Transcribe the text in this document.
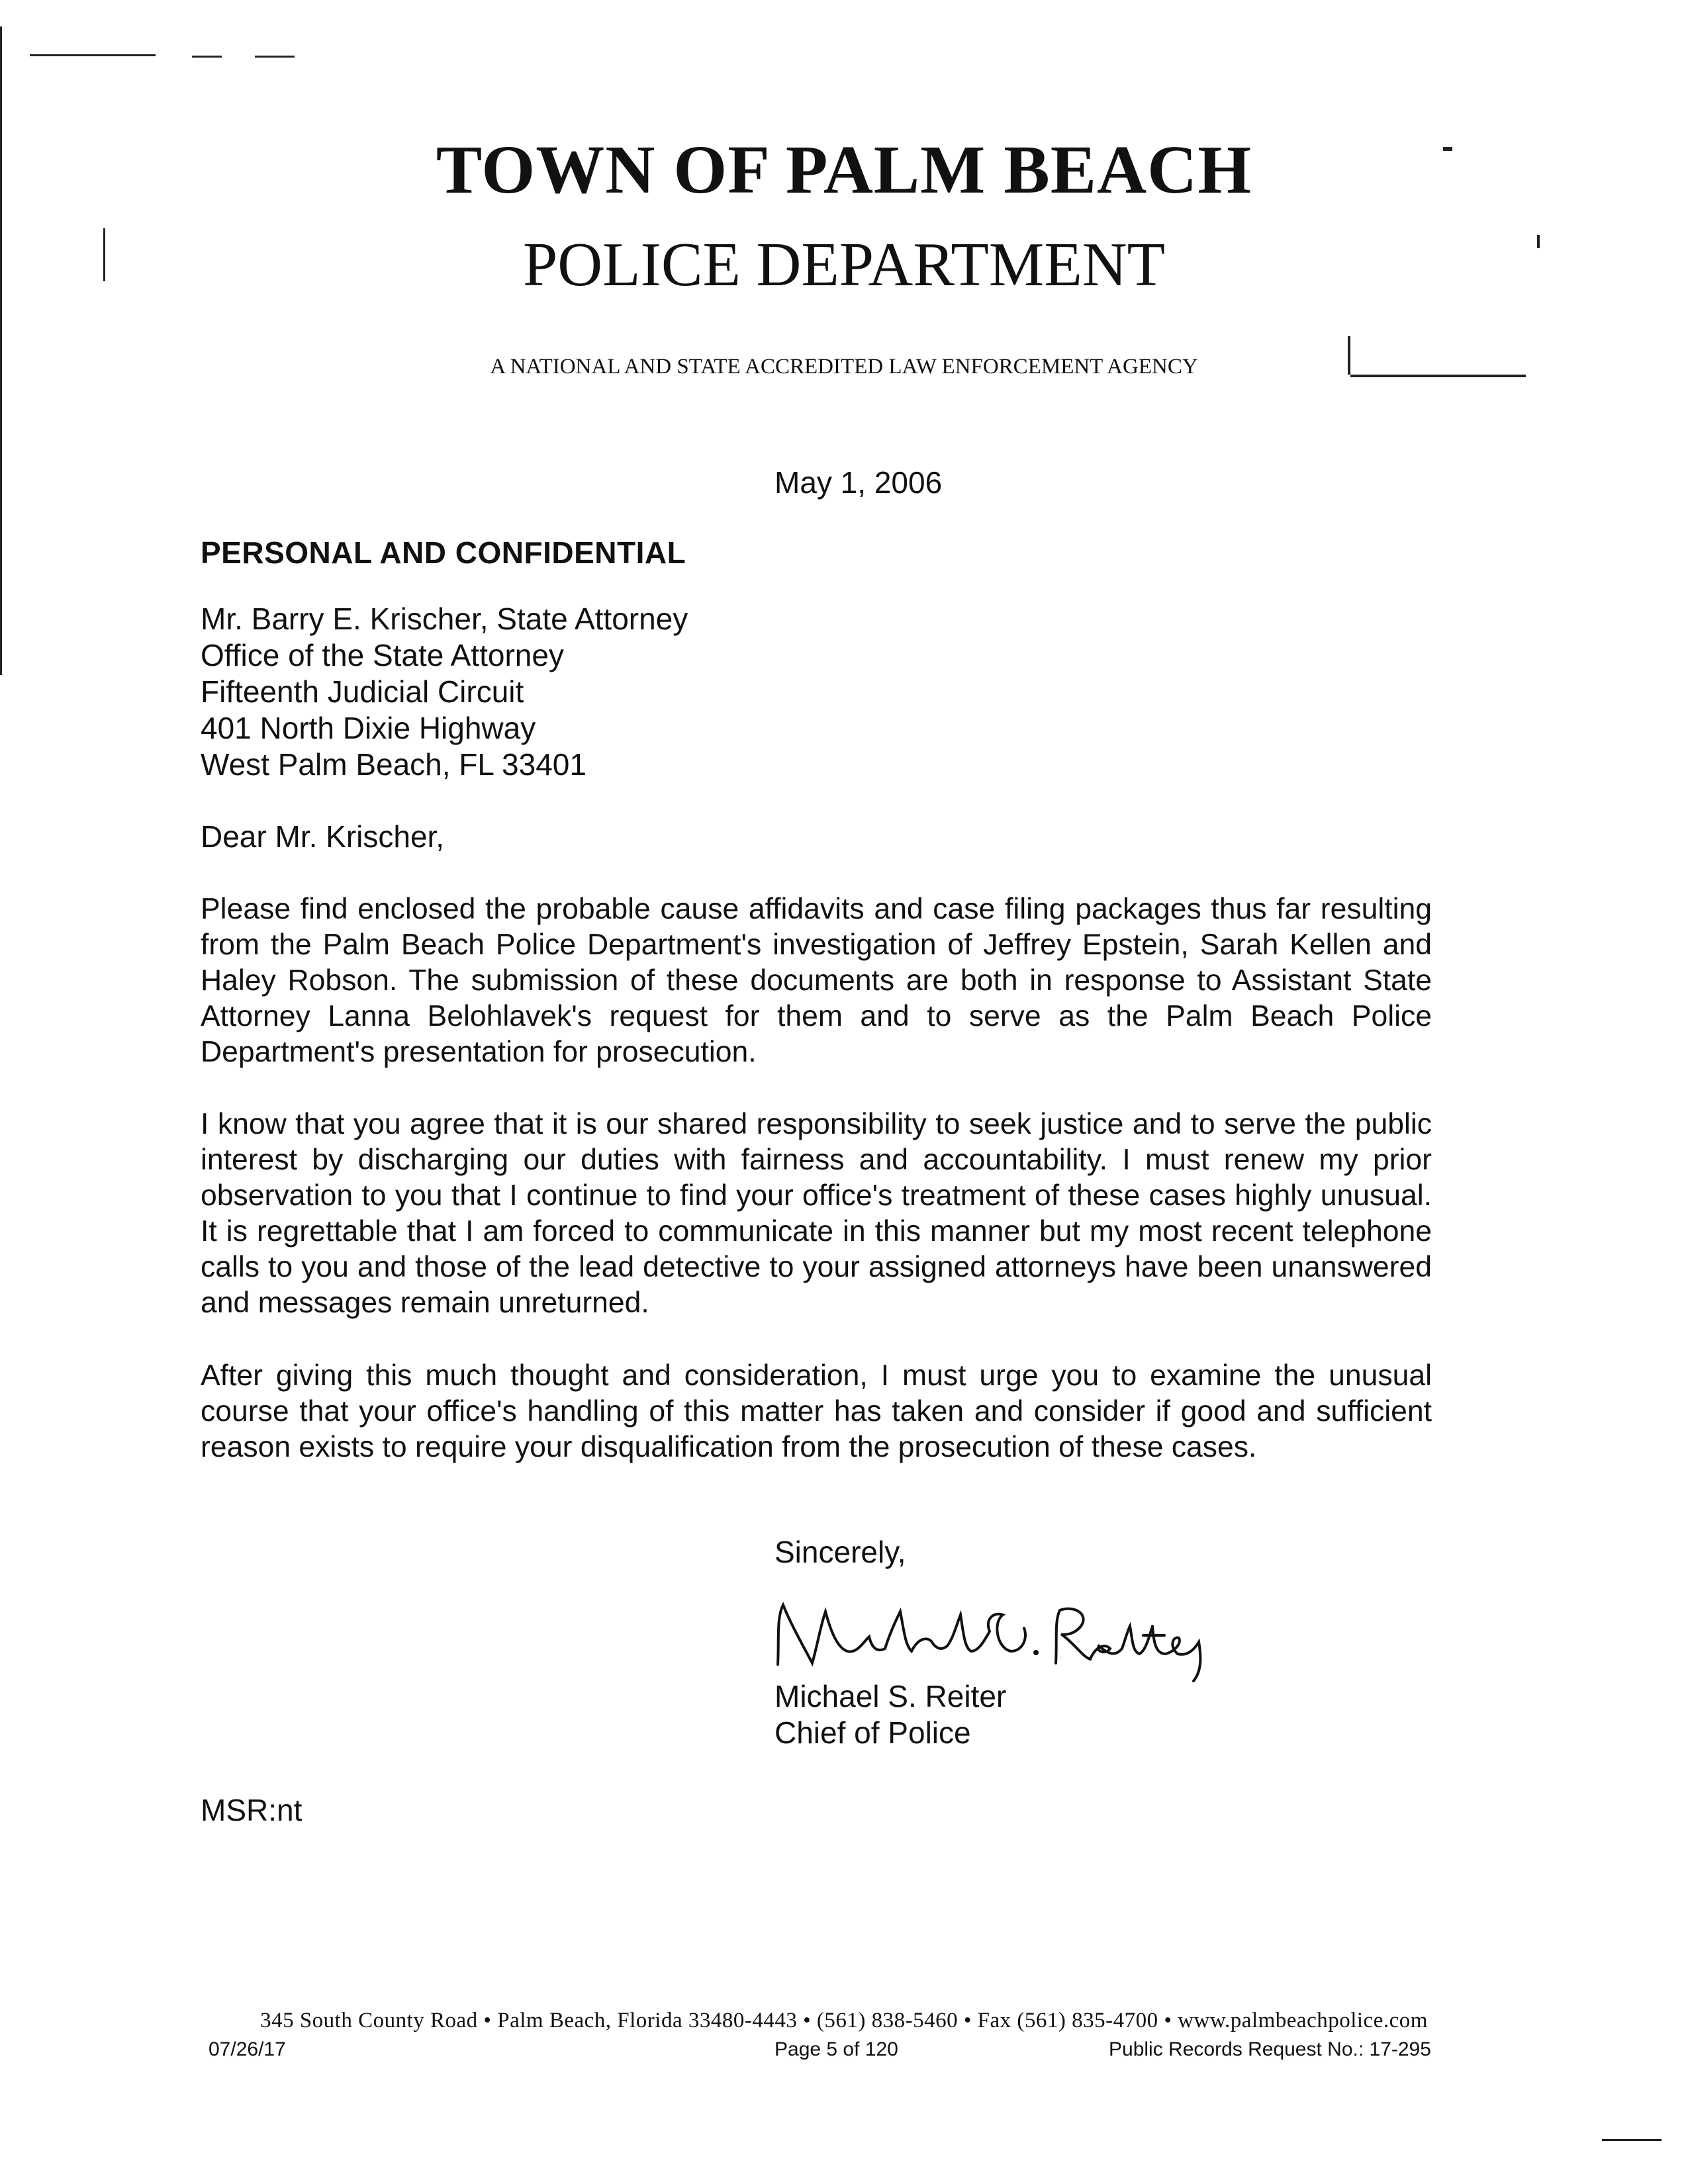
TOWN OF PALM BEACH
POLICE DEPARTMENT
A NATIONAL AND STATE ACCREDITED LAW ENFORCEMENT AGENCY
May 1, 2006
PERSONAL AND CONFIDENTIAL
Mr. Barry E. Krischer, State Attorney
Office of the State Attorney
Fifteenth Judicial Circuit
401 North Dixie Highway
West Palm Beach, FL 33401
Dear Mr. Krischer,
Please find enclosed the probable cause affidavits and case filing packages thus far resulting from the Palm Beach Police Department's investigation of Jeffrey Epstein, Sarah Kellen and Haley Robson. The submission of these documents are both in response to Assistant State Attorney Lanna Belohlavek's request for them and to serve as the Palm Beach Police Department's presentation for prosecution.
I know that you agree that it is our shared responsibility to seek justice and to serve the public interest by discharging our duties with fairness and accountability. I must renew my prior observation to you that I continue to find your office's treatment of these cases highly unusual. It is regrettable that I am forced to communicate in this manner but my most recent telephone calls to you and those of the lead detective to your assigned attorneys have been unanswered and messages remain unreturned.
After giving this much thought and consideration, I must urge you to examine the unusual course that your office's handling of this matter has taken and consider if good and sufficient reason exists to require your disqualification from the prosecution of these cases.
Sincerely,
Michael S. Reiter
Chief of Police
MSR:nt
345 South County Road • Palm Beach, Florida 33480-4443 • (561) 838-5460 • Fax (561) 835-4700 • www.palmbeachpolice.com
07/26/17	Page 5 of 120	Public Records Request No.: 17-295
